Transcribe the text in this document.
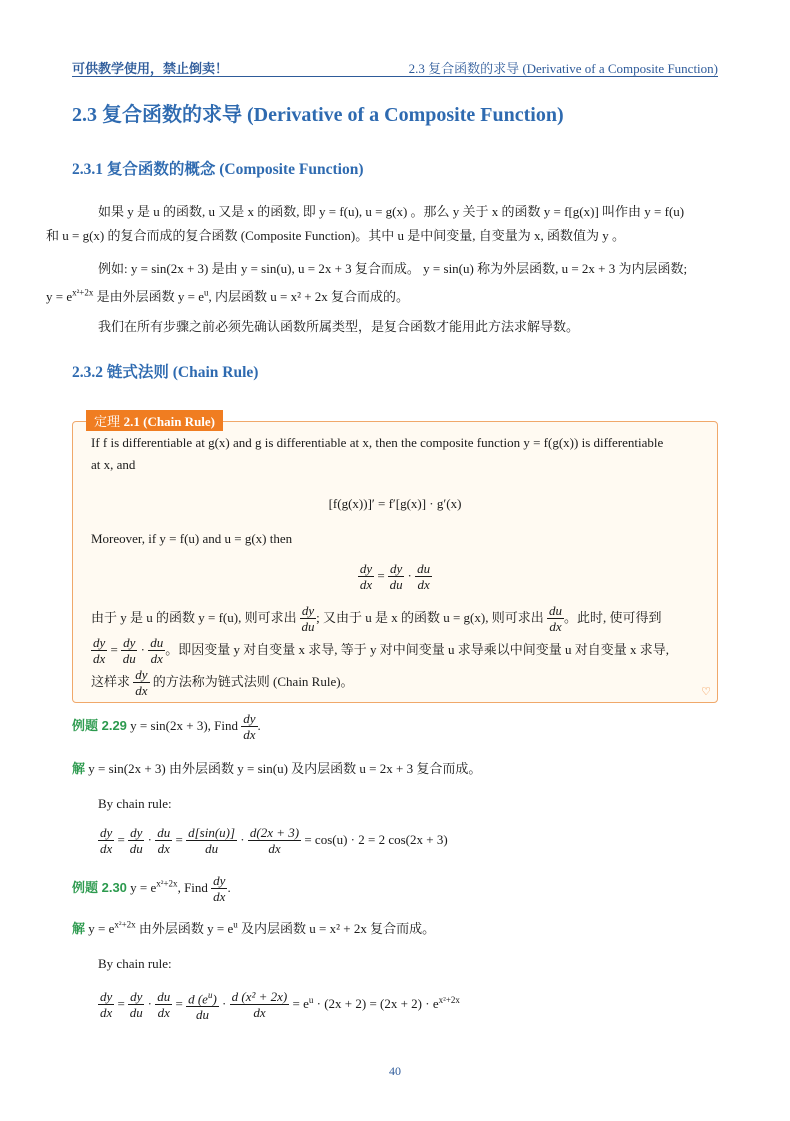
可供教学使用，禁止倒卖！	2.3 复合函数的求导 (Derivative of a Composite Function)
2.3 复合函数的求导 (Derivative of a Composite Function)
2.3.1 复合函数的概念 (Composite Function)
如果 y 是 u 的函数, u 又是 x 的函数, 即 y = f(u), u = g(x) 。那么 y 关于 x 的函数 y = f[g(x)] 叫作由 y = f(u)
和 u = g(x) 的复合而成的复合函数 (Composite Function)。其中 u 是中间变量, 自变量为 x, 函数值为 y 。
例如: y = sin(2x + 3) 是由 y = sin(u), u = 2x + 3 复合而成。 y = sin(u) 称为外层函数, u = 2x + 3 为内层函数;
$y = e^{x^2+2x}$ 是由外层函数 $y = e^u$, 内层函数 u = x² + 2x 复合而成的。
我们在所有步骤之前必须先确认函数所属类型，是复合函数才能用此方法求解导数。
2.3.2 链式法则 (Chain Rule)
If f is differentiable at g(x) and g is differentiable at x, then the composite function y = f(g(x)) is differentiable
at x, and
[f(g(x))]′ = f′[g(x)] · g′(x)
Moreover, if y = f(u) and u = g(x) then
$\frac{dy}{dx} = \frac{dy}{du} \cdot \frac{du}{dx}$
由于 y 是 u 的函数 y = f(u), 则可求出 $\frac{dy}{du}$ ; 又由于 u 是 x 的函数 u = g(x), 则可求出 $\frac{du}{dx}$ 。此时, 使可得到
$\frac{dy}{dx} = \frac{dy}{du} \cdot \frac{du}{dx}$ 。即因变量 y 对自变量 x 求导, 等于 y 对中间变量 u 求导乘以中间变量 u 对自变量 x 求导,
这样求 $\frac{dy}{dx}$ 的方法称为链式法则 (Chain Rule)。
♡
定理 2.1 (Chain Rule)
例题 2.29 y = sin(2x + 3), Find $\frac{dy}{dx}$ .
解 y = sin(2x + 3) 由外层函数 y = sin(u) 及内层函数 u = 2x + 3 复合而成。
By chain rule:
$\frac{dy}{dx} = \frac{dy}{du} \cdot \frac{du}{dx} = \frac{d[\sin(u)]}{du} \cdot \frac{d(2x + 3)}{dx} = \cos(u) \cdot 2 = 2$ cos(2x + 3)
例题 2.30 $y = e^{x^2+2x}$, Find $\frac{dy}{dx}$ .
解 $y = e^{x^2+2x}$ 由外层函数 $y = e^u$ 及内层函数 u = x² + 2x 复合而成。
By chain rule:
$\frac{dy}{dx} = \frac{dy}{du} \cdot \frac{du}{dx} = \frac{d (e^u)}{du} \cdot \frac{\text{d (x² + 2x)}}{dx} = e^u \cdot (2x + 2) = (2x + 2) \cdot e^{x^2+2x}$
40
